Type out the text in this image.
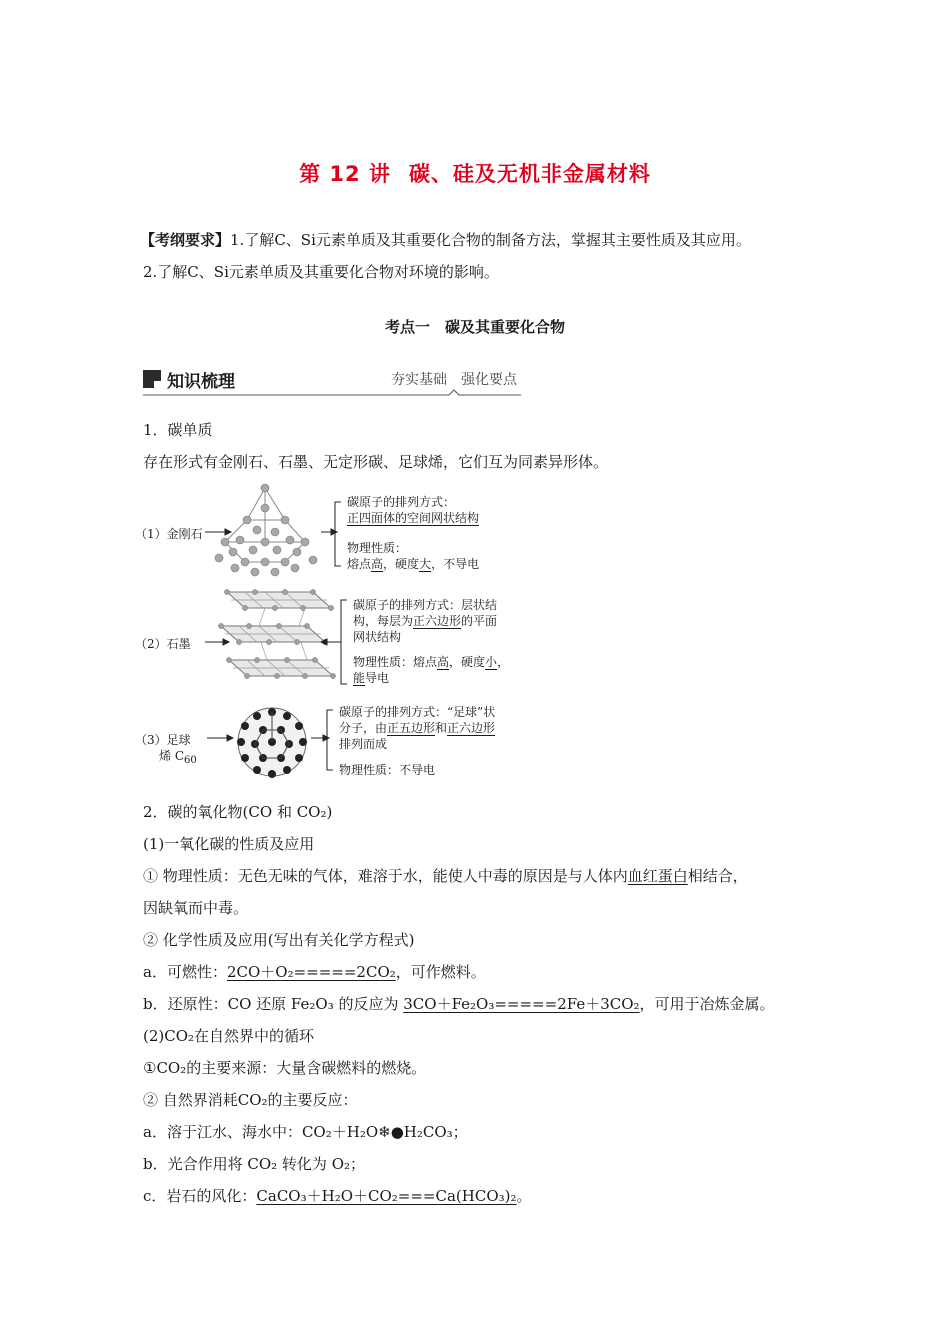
第 12 讲 碳、硅及无机非金属材料
【考纲要求】1.了解C、Si元素单质及其重要化合物的制备方法，掌握其主要性质及其应用。
2.了解C、Si元素单质及其重要化合物对环境的影响。
考点一　碳及其重要化合物
知识梳理	夯实基础　强化要点
1．碳单质
存在形式有金刚石、石墨、无定形碳、足球烯，它们互为同素异形体。
（1）金刚石
碳原子的排列方式：
正四面体的空间网状结构
物理性质：
熔点高，硬度大，不导电
（2）石墨
碳原子的排列方式：层状结
构，每层为正六边形的平面
网状结构
物理性质：熔点高，硬度小，
能导电
（3）足球
烯 $C_{60}$
碳原子的排列方式：“足球”状
分子，由正五边形和正六边形
排列而成
物理性质：不导电
2．碳的氧化物(CO 和 CO₂)
(1)一氧化碳的性质及应用
① 物理性质：无色无味的气体，难溶于水，能使人中毒的原因是与人体内血红蛋白相结合，
因缺氧而中毒。
② 化学性质及应用(写出有关化学方程式)
a．可燃性：2CO＋O₂=====2CO₂，可作燃料。
b．还原性：CO 还原 Fe₂O₃ 的反应为 3CO＋Fe₂O₃=====2Fe＋3CO₂，可用于冶炼金属。
(2)CO₂在自然界中的循环
①CO₂的主要来源：大量含碳燃料的燃烧。
② 自然界消耗CO₂的主要反应：
a．溶于江水、海水中：CO₂＋H₂O❄●H₂CO₃；
b．光合作用将 CO₂ 转化为 O₂；
c．岩石的风化：CaCO₃＋H₂O＋CO₂===Ca(HCO₃)₂。
